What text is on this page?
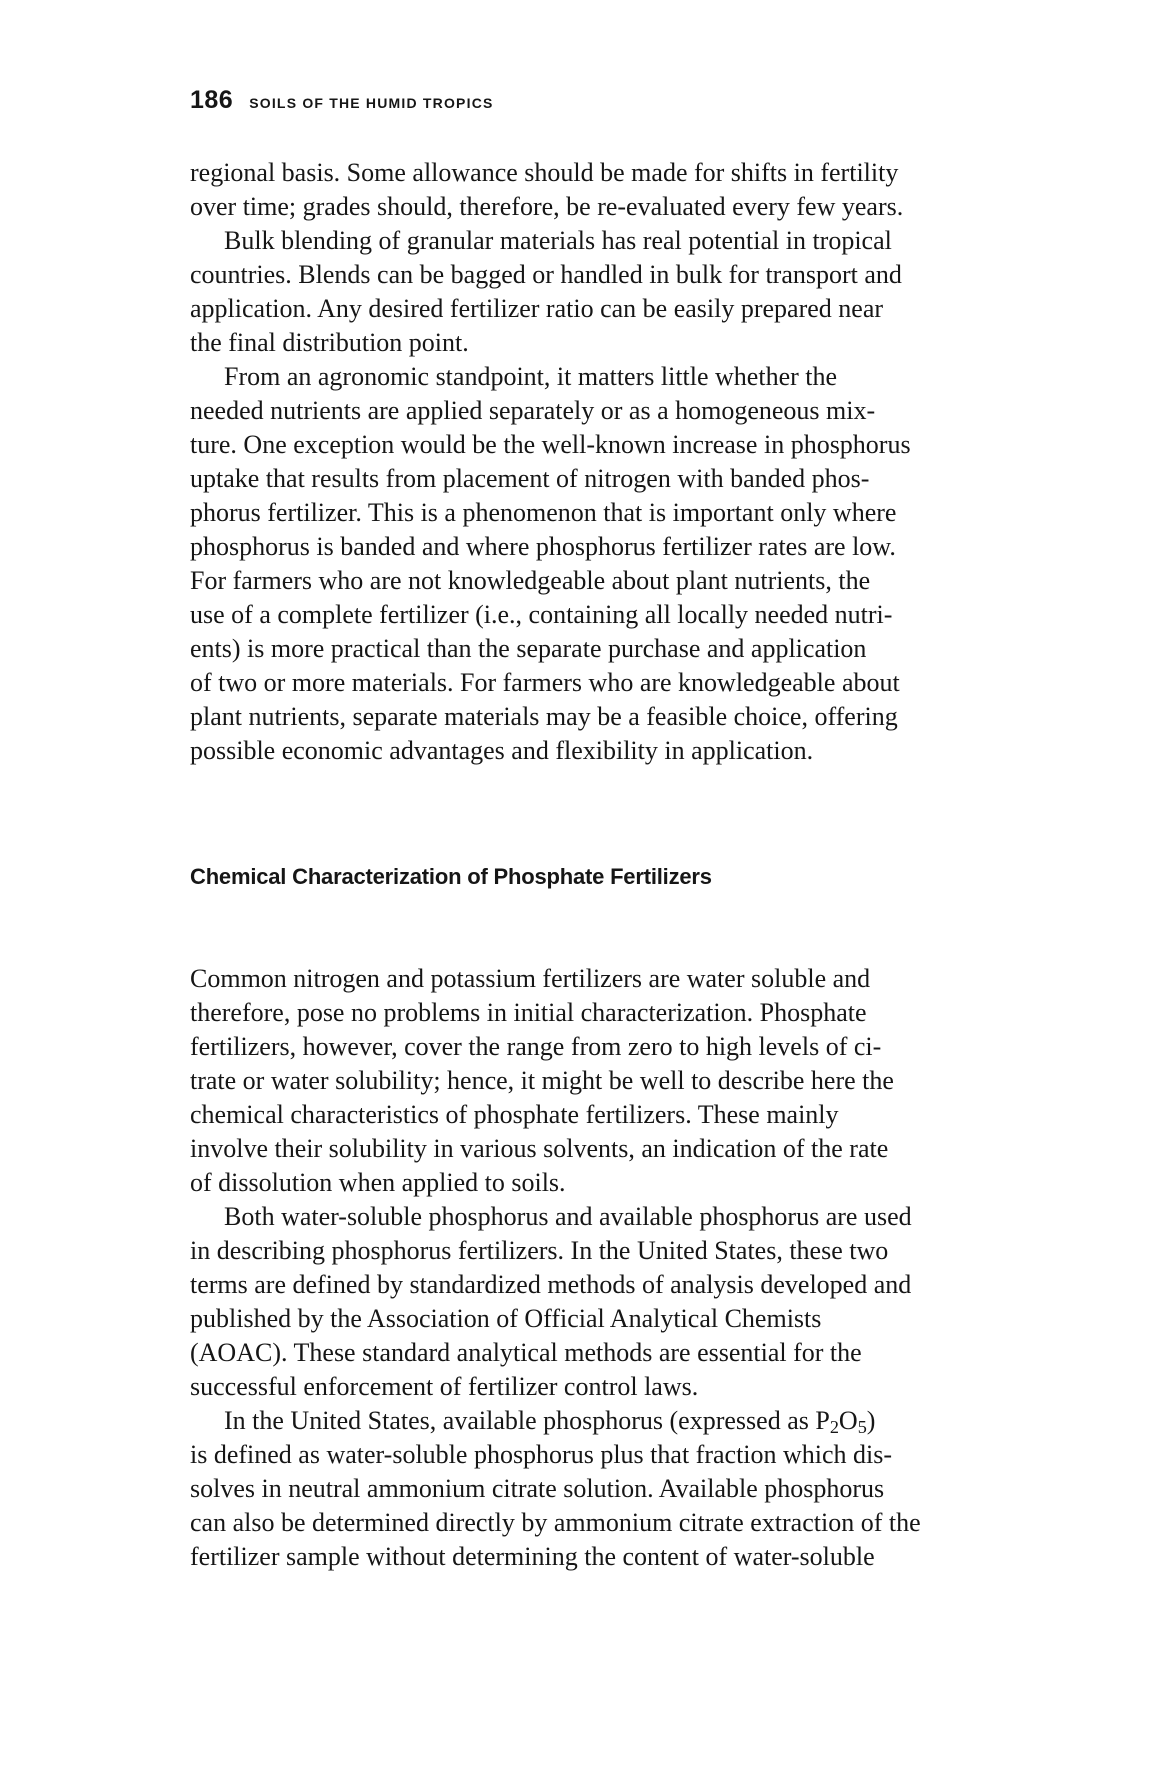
186 SOILS OF THE HUMID TROPICS
regional basis. Some allowance should be made for shifts in fertility
over time; grades should, therefore, be re-evaluated every few years.
Bulk blending of granular materials has real potential in tropical
countries. Blends can be bagged or handled in bulk for transport and
application. Any desired fertilizer ratio can be easily prepared near
the final distribution point.
From an agronomic standpoint, it matters little whether the
needed nutrients are applied separately or as a homogeneous mix-
ture. One exception would be the well-known increase in phosphorus
uptake that results from placement of nitrogen with banded phos-
phorus fertilizer. This is a phenomenon that is important only where
phosphorus is banded and where phosphorus fertilizer rates are low.
For farmers who are not knowledgeable about plant nutrients, the
use of a complete fertilizer (i.e., containing all locally needed nutri-
ents) is more practical than the separate purchase and application
of two or more materials. For farmers who are knowledgeable about
plant nutrients, separate materials may be a feasible choice, offering
possible economic advantages and flexibility in application.
Chemical Characterization of Phosphate Fertilizers
Common nitrogen and potassium fertilizers are water soluble and
therefore, pose no problems in initial characterization. Phosphate
fertilizers, however, cover the range from zero to high levels of ci-
trate or water solubility; hence, it might be well to describe here the
chemical characteristics of phosphate fertilizers. These mainly
involve their solubility in various solvents, an indication of the rate
of dissolution when applied to soils.
Both water-soluble phosphorus and available phosphorus are used
in describing phosphorus fertilizers. In the United States, these two
terms are defined by standardized methods of analysis developed and
published by the Association of Official Analytical Chemists
(AOAC). These standard analytical methods are essential for the
successful enforcement of fertilizer control laws.
In the United States, available phosphorus (expressed as $P_2O_5$)
is defined as water-soluble phosphorus plus that fraction which dis-
solves in neutral ammonium citrate solution. Available phosphorus
can also be determined directly by ammonium citrate extraction of the
fertilizer sample without determining the content of water-soluble
